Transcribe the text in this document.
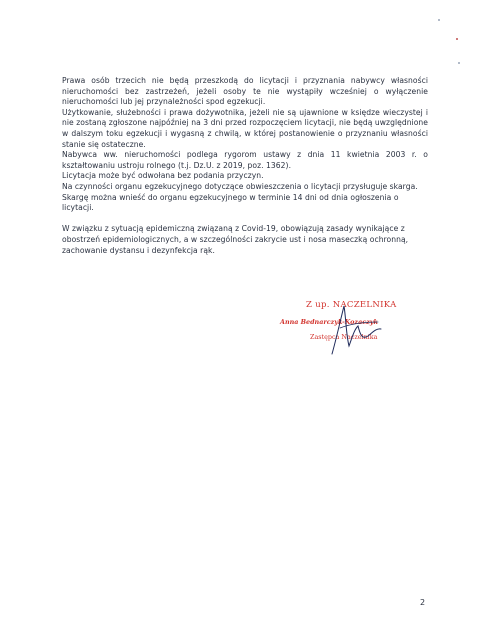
Prawa osób trzecich nie będą przeszkodą do licytacji i przyznania nabywcy własności nieruchomości bez zastrzeżeń, jeżeli osoby te nie wystąpiły wcześniej o wyłączenie nieruchomości lub jej przynależności spod egzekucji.

Użytkowanie, służebności i prawa dożywotnika, jeżeli nie są ujawnione w księdze wieczystej i nie zostaną zgłoszone najpóźniej na 3 dni przed rozpoczęciem licytacji, nie będą uwzględnione w dalszym toku egzekucji i wygasną z chwilą, w której postanowienie o przyznaniu własności stanie się ostateczne.

Nabywca ww. nieruchomości podlega rygorom ustawy z dnia 11 kwietnia 2003 r. o kształtowaniu ustroju rolnego (t.j. Dz.U. z 2019, poz. 1362).

Licytacja może być odwołana bez podania przyczyn.

Na czynności organu egzekucyjnego dotyczące obwieszczenia o licytacji przysługuje skarga.

Skargę można wnieść do organu egzekucyjnego w terminie 14 dni od dnia ogłoszenia o licytacji.

W związku z sytuacją epidemiczną związaną z Covid-19, obowiązują zasady wynikające z obostrzeń epidemiologicznych, a w szczególności zakrycie ust i nosa maseczką ochronną, zachowanie dystansu i dezynfekcja rąk.

Z up. NACZELNIKA
Anna Bednarczyk-Kozaczyk
Zastępca Naczelnika
2
